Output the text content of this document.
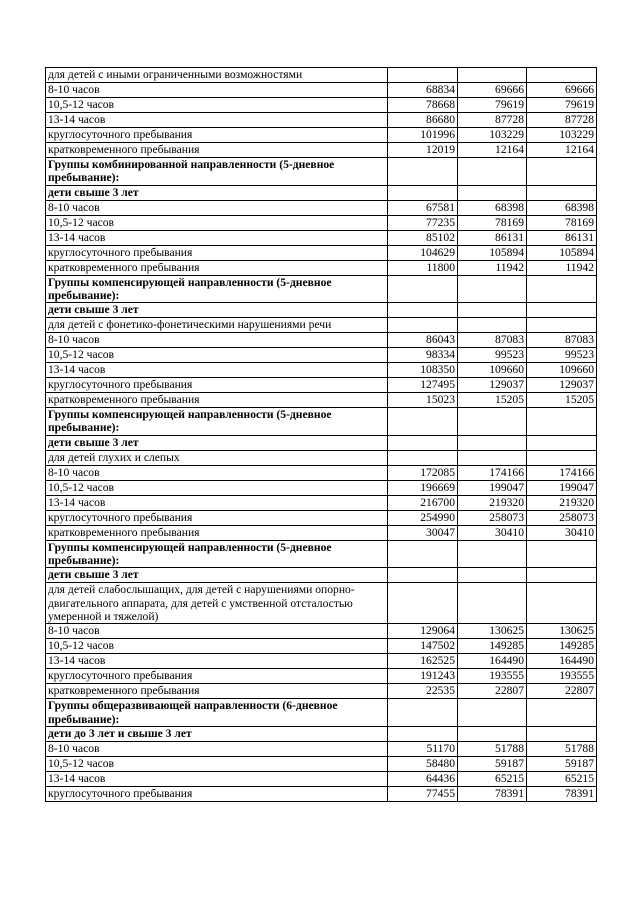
для детей с иными ограниченными возможностями			
8-10 часов	68834	69666	69666
10,5-12 часов	78668	79619	79619
13-14 часов	86680	87728	87728
круглосуточного пребывания	101996	103229	103229
кратковременного пребывания	12019	12164	12164
Группы комбинированной направленности (5-дневное пребывание):			
дети свыше 3 лет			
8-10 часов	67581	68398	68398
10,5-12 часов	77235	78169	78169
13-14 часов	85102	86131	86131
круглосуточного пребывания	104629	105894	105894
кратковременного пребывания	11800	11942	11942
Группы компенсирующей направленности (5-дневное пребывание):			
дети свыше 3 лет			
для детей с фонетико-фонетическими нарушениями речи			
8-10 часов	86043	87083	87083
10,5-12 часов	98334	99523	99523
13-14 часов	108350	109660	109660
круглосуточного пребывания	127495	129037	129037
кратковременного пребывания	15023	15205	15205
Группы компенсирующей направленности (5-дневное пребывание):			
дети свыше 3 лет			
для детей глухих и слепых			
8-10 часов	172085	174166	174166
10,5-12 часов	196669	199047	199047
13-14 часов	216700	219320	219320
круглосуточного пребывания	254990	258073	258073
кратковременного пребывания	30047	30410	30410
Группы компенсирующей направленности (5-дневное пребывание):			
дети свыше 3 лет			
для детей слабослышащих, для детей с нарушениями опорно-двигательного аппарата, для детей с умственной отсталостью умеренной и тяжелой)			
8-10 часов	129064	130625	130625
10,5-12 часов	147502	149285	149285
13-14 часов	162525	164490	164490
круглосуточного пребывания	191243	193555	193555
кратковременного пребывания	22535	22807	22807
Группы общеразвивающей направленности (6-дневное пребывание):			
дети до 3 лет и свыше 3 лет			
8-10 часов	51170	51788	51788
10,5-12 часов	58480	59187	59187
13-14 часов	64436	65215	65215
круглосуточного пребывания	77455	78391	78391
